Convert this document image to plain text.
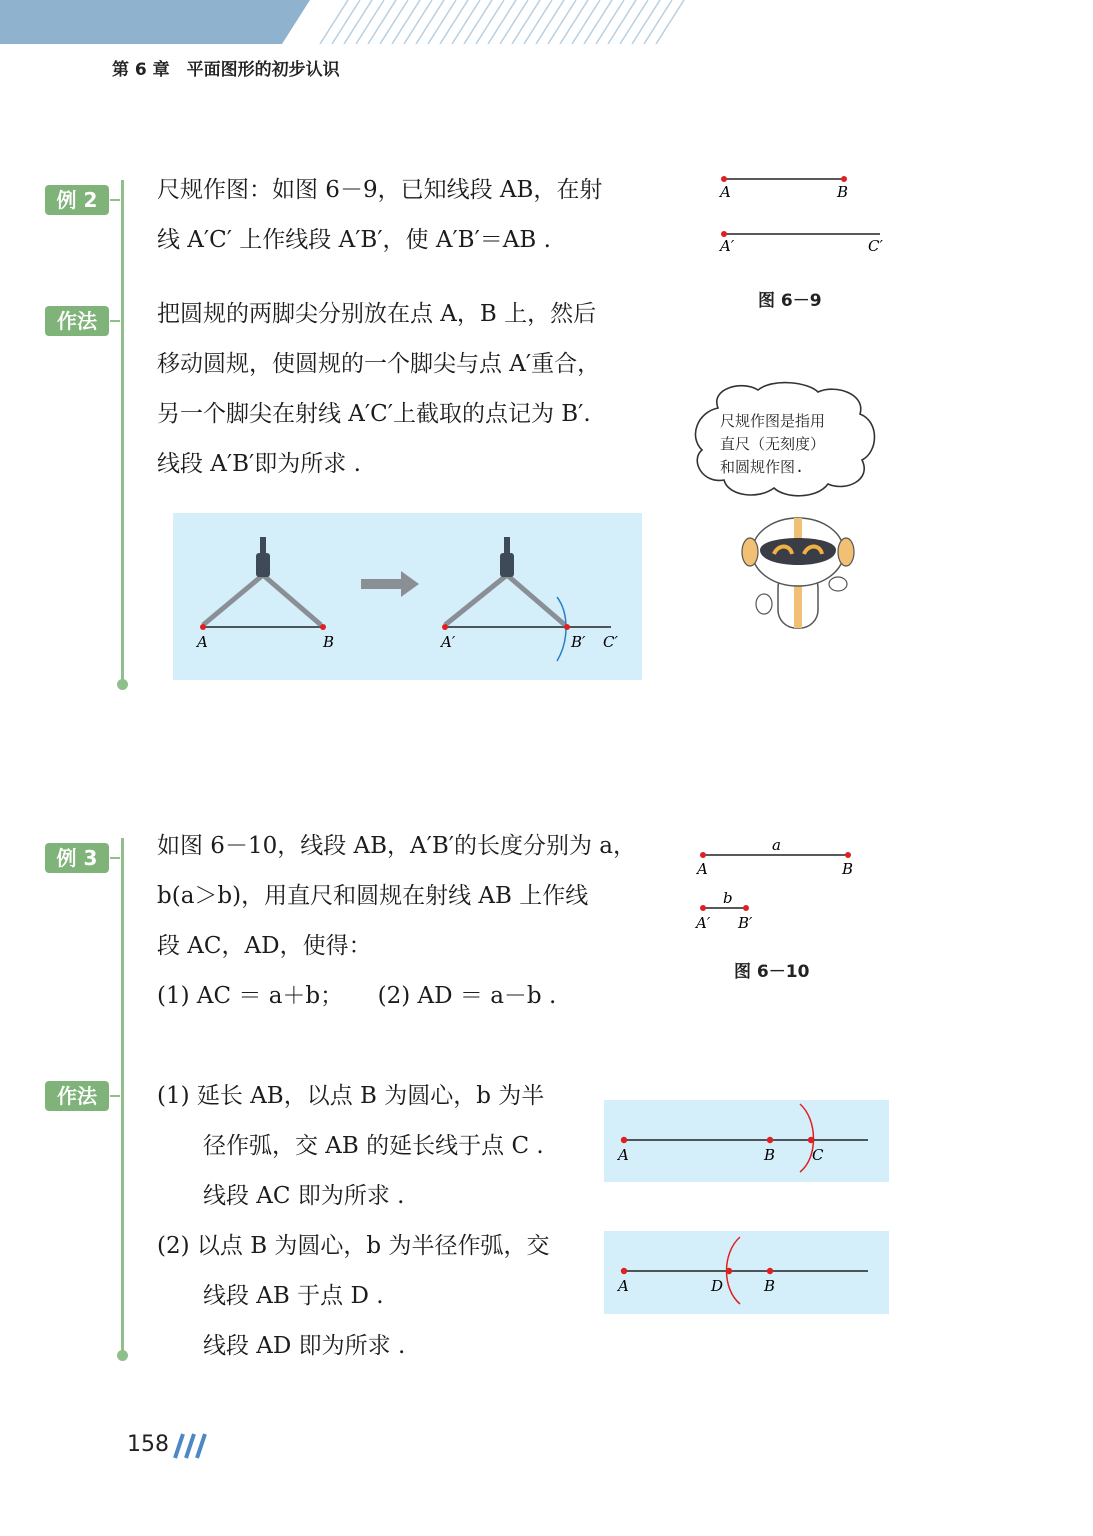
第 6 章　平面图形的初步认识
例 2
作法
尺规作图：如图 6－9，已知线段 AB，在射
线 A′C′ 上作线段 A′B′，使 A′B′＝AB .
把圆规的两脚尖分别放在点 A，B 上，然后
移动圆规，使圆规的一个脚尖与点 A′重合，
另一个脚尖在射线 A′C′上截取的点记为 B′.
线段 A′B′即为所求 .
A	B
A′	C′
图 6－9
尺规作图是指用
直尺（无刻度）
和圆规作图.
A	B	A′	B′ C′
例 3
作法
如图 6－10，线段 AB，A′B′的长度分别为 a，
b(a＞b)，用直尺和圆规在射线 AB 上作线
段 AC，AD，使得：
(1) AC ＝ a＋b；　　(2) AD ＝ a－b .
(1) 延长 AB，以点 B 为圆心，b 为半
径作弧，交 AB 的延长线于点 C .
线段 AC 即为所求 .
(2) 以点 B 为圆心，b 为半径作弧，交
线段 AB 于点 D .
线段 AD 即为所求 .
a
A	B
b
A′ B′
图 6－10
A	B C
A	D	B
158
